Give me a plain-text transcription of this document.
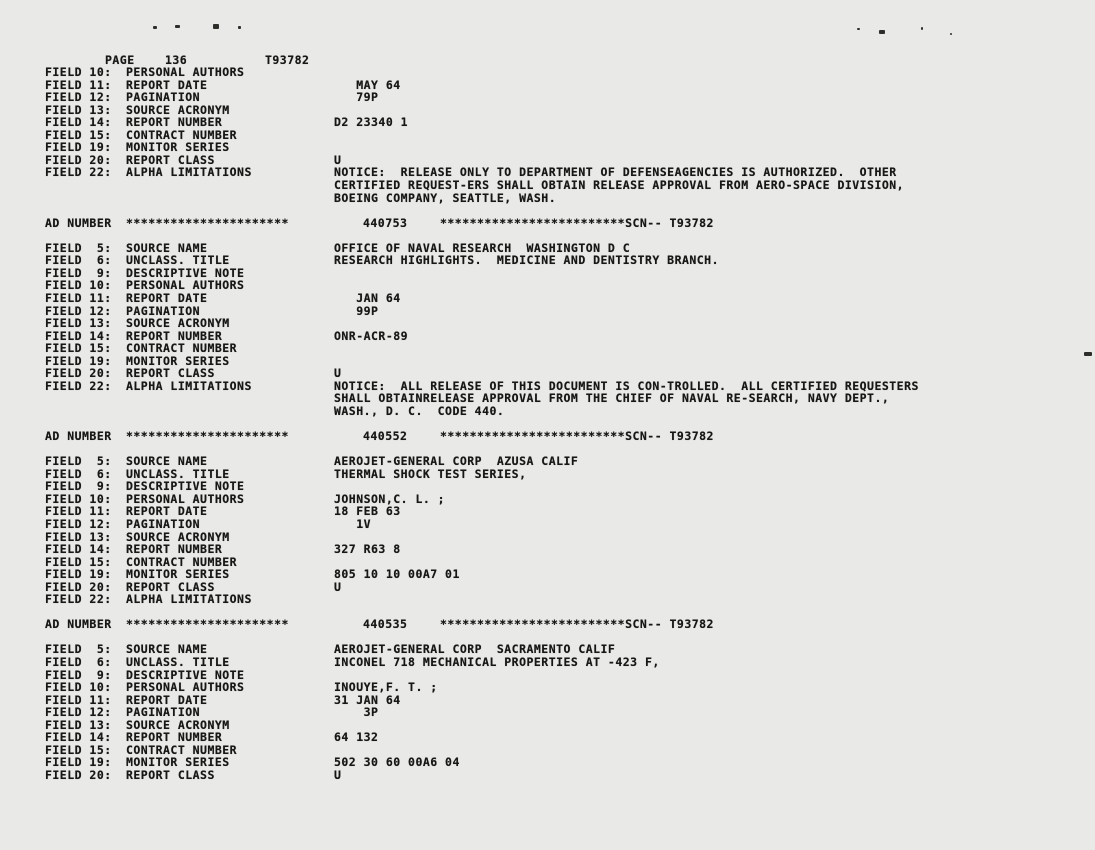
PAGE	136	T93782
FIELD 10: PERSONAL AUTHORS
FIELD 11: REPORT DATE	MAY 64
FIELD 12: PAGINATION	79P
FIELD 13: SOURCE ACRONYM
FIELD 14: REPORT NUMBER	D2 23340 1
FIELD 15: CONTRACT NUMBER
FIELD 19: MONITOR SERIES
FIELD 20: REPORT CLASS	U
FIELD 22: ALPHA LIMITATIONS	NOTICE:  RELEASE ONLY TO DEPARTMENT OF DEFENSEAGENCIES IS AUTHORIZED.  OTHER
CERTIFIED REQUEST-ERS SHALL OBTAIN RELEASE APPROVAL FROM AERO-SPACE DIVISION,
BOEING COMPANY, SEATTLE, WASH.
AD NUMBER **********************	440753	*************************SCN-- T93782
FIELD  5: SOURCE NAME	OFFICE OF NAVAL RESEARCH  WASHINGTON D C
FIELD  6: UNCLASS. TITLE	RESEARCH HIGHLIGHTS.  MEDICINE AND DENTISTRY BRANCH.
FIELD  9: DESCRIPTIVE NOTE
FIELD 10: PERSONAL AUTHORS
FIELD 11: REPORT DATE	JAN 64
FIELD 12: PAGINATION	99P
FIELD 13: SOURCE ACRONYM
FIELD 14: REPORT NUMBER	ONR-ACR-89
FIELD 15: CONTRACT NUMBER
FIELD 19: MONITOR SERIES
FIELD 20: REPORT CLASS	U
FIELD 22: ALPHA LIMITATIONS	NOTICE:  ALL RELEASE OF THIS DOCUMENT IS CON-TROLLED.  ALL CERTIFIED REQUESTERS
SHALL OBTAINRELEASE APPROVAL FROM THE CHIEF OF NAVAL RE-SEARCH, NAVY DEPT.,
WASH., D. C.  CODE 440.
AD NUMBER **********************	440552	*************************SCN-- T93782
FIELD  5: SOURCE NAME	AEROJET-GENERAL CORP  AZUSA CALIF
FIELD  6: UNCLASS. TITLE	THERMAL SHOCK TEST SERIES,
FIELD  9: DESCRIPTIVE NOTE
FIELD 10: PERSONAL AUTHORS	JOHNSON,C. L. ;
FIELD 11: REPORT DATE	18 FEB 63
FIELD 12: PAGINATION	1V
FIELD 13: SOURCE ACRONYM
FIELD 14: REPORT NUMBER	327 R63 8
FIELD 15: CONTRACT NUMBER
FIELD 19: MONITOR SERIES	805 10 10 00A7 01
FIELD 20: REPORT CLASS	U
FIELD 22: ALPHA LIMITATIONS
AD NUMBER **********************	440535	*************************SCN-- T93782
FIELD  5: SOURCE NAME	AEROJET-GENERAL CORP  SACRAMENTO CALIF
FIELD  6: UNCLASS. TITLE	INCONEL 718 MECHANICAL PROPERTIES AT -423 F,
FIELD  9: DESCRIPTIVE NOTE
FIELD 10: PERSONAL AUTHORS	INOUYE,F. T. ;
FIELD 11: REPORT DATE	31 JAN 64
FIELD 12: PAGINATION	3P
FIELD 13: SOURCE ACRONYM
FIELD 14: REPORT NUMBER	64 132
FIELD 15: CONTRACT NUMBER
FIELD 19: MONITOR SERIES	502 30 60 00A6 04
FIELD 20: REPORT CLASS	U
